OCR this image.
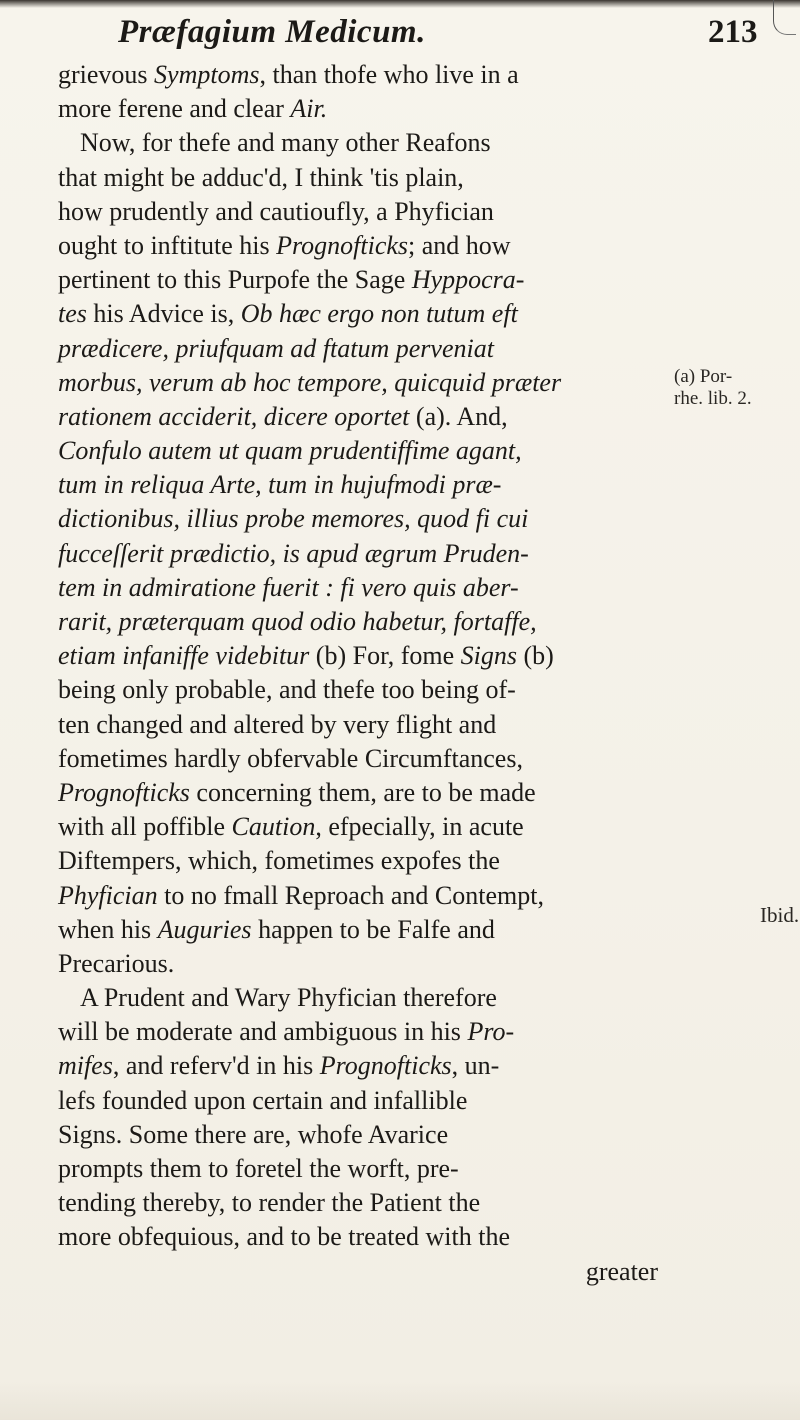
Præfagium Medicum.	213
grievous Symptoms, than thofe who live in a
more ferene and clear Air.
Now, for thefe and many other Reafons
that might be adduc'd, I think 'tis plain,
how prudently and cautioufly, a Phyfician
ought to inftitute his Prognofticks; and how
pertinent to this Purpofe the Sage Hyppocra-
tes his Advice is, Ob hæc ergo non tutum eft
prædicere, priufquam ad ftatum perveniat
morbus, verum ab hoc tempore, quicquid præter
rationem acciderit, dicere oportet (a). And,
Confulo autem ut quam prudentiffime agant,
tum in reliqua Arte, tum in hujufmodi præ-
dictionibus, illius probe memores, quod fi cui
fucceſſerit prædictio, is apud ægrum Pruden-
tem in admiratione fuerit : fi vero quis aber-
rarit, præterquam quod odio habetur, fortaffe,
etiam infaniffe videbitur (b) For, fome Signs (b)
being only probable, and thefe too being of-
ten changed and altered by very flight and
fometimes hardly obfervable Circumftances,
Prognofticks concerning them, are to be made
with all poffible Caution, efpecially, in acute
Diftempers, which, fometimes expofes the
Phyfician to no fmall Reproach and Contempt,
when his Auguries happen to be Falfe and
Precarious.
A Prudent and Wary Phyfician therefore
will be moderate and ambiguous in his Pro-
mifes, and referv'd in his Prognofticks, un-
lefs founded upon certain and infallible
Signs. Some there are, whofe Avarice
prompts them to foretel the worft, pre-
tending thereby, to render the Patient the
more obfequious, and to be treated with the
greater
(a) Por-
rhe. lib. 2.
Ibid.
